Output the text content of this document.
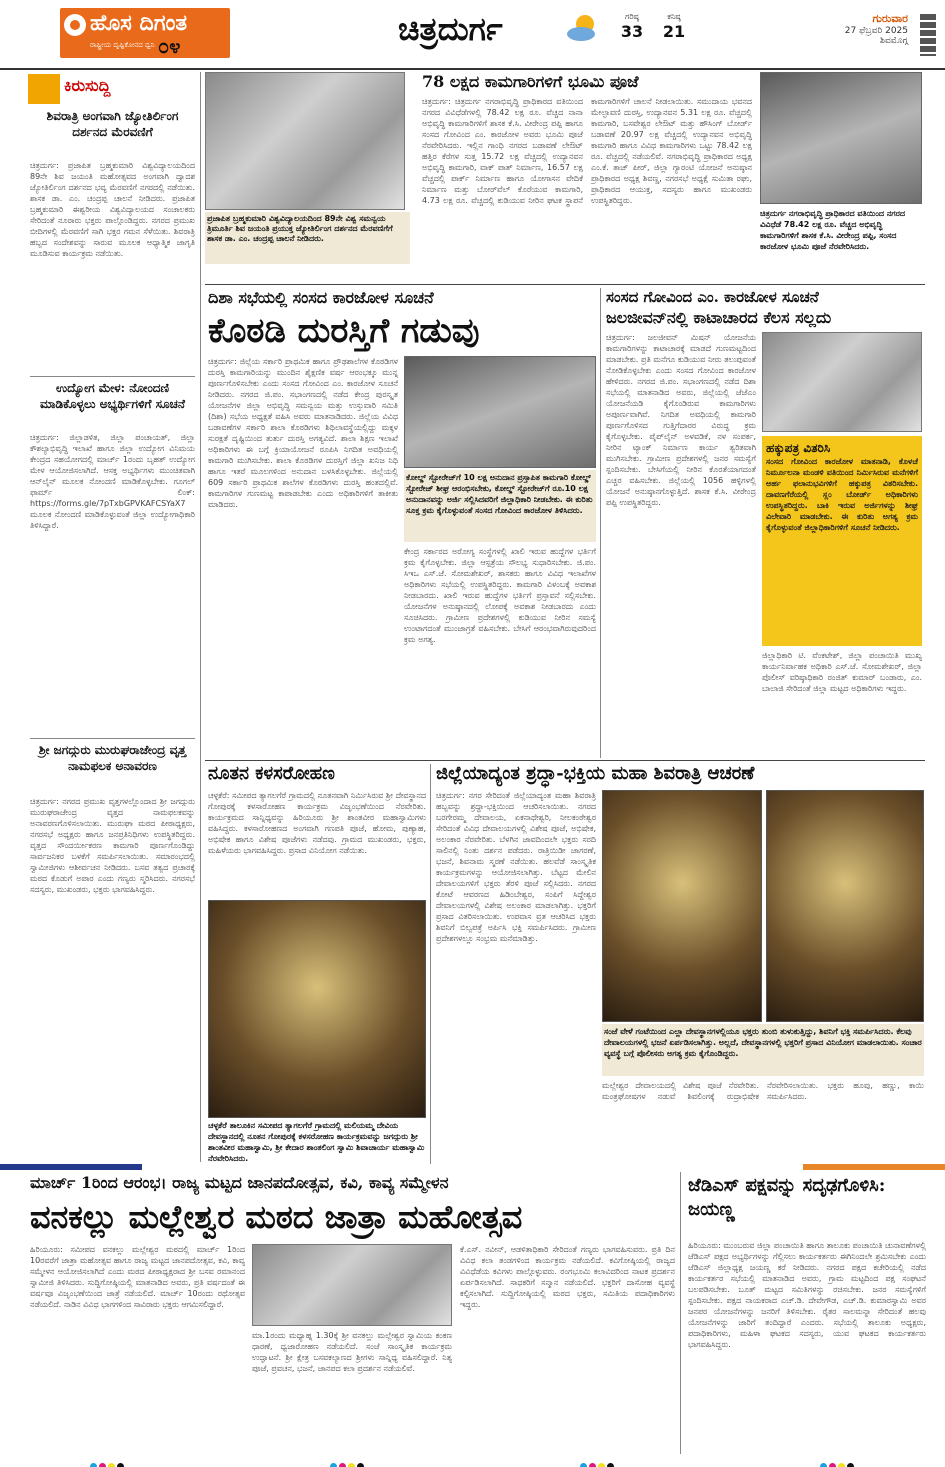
ಹೊಸ ದಿಗಂತ
ರಾಷ್ಟ್ರೀಯ ದೃಷ್ಟಿಕೋನದ ಧ್ವನಿ ೦೪	ಚಿತ್ರದುರ್ಗ	ಗರಿಷ್ಠ
33
ಕನಿಷ್ಠ
21
ಗುರುವಾರ
27 ಫೆಬ್ರವರಿ 2025
ಶಿವಮೊಗ್ಗ
ಕಿರುಸುದ್ದಿ
ಶಿವರಾತ್ರಿ ಅಂಗವಾಗಿ ಜ್ಯೋತಿರ್ಲಿಂಗ ದರ್ಶನದ ಮೆರವಣಿಗೆ
ಚಿತ್ರದುರ್ಗ: ಪ್ರಜಾಪಿತ ಬ್ರಹ್ಮಕುಮಾರಿ ವಿಶ್ವವಿದ್ಯಾಲಯದಿಂದ 89ನೇ ಶಿವ ಜಯಂತಿ ಮಹೋತ್ಸವದ ಅಂಗವಾಗಿ ದ್ವಾದಶ ಜ್ಯೋತಿರ್ಲಿಂಗ ದರ್ಶನದ ಭವ್ಯ ಮೆರವಣಿಗೆ ನಗರದಲ್ಲಿ ನಡೆಯಿತು. ಶಾಸಕ ಡಾ. ಎಂ. ಚಂದ್ರಪ್ಪ ಚಾಲನೆ ನೀಡಿದರು. ಪ್ರಜಾಪಿತ ಬ್ರಹ್ಮಕುಮಾರಿ ಈಶ್ವರೀಯ ವಿಶ್ವವಿದ್ಯಾಲಯದ ಸಂಚಾಲಕರು ಸೇರಿದಂತೆ ನೂರಾರು ಭಕ್ತರು ಪಾಲ್ಗೊಂಡಿದ್ದರು. ನಗರದ ಪ್ರಮುಖ ಬೀದಿಗಳಲ್ಲಿ ಮೆರವಣಿಗೆ ಸಾಗಿ ಭಕ್ತರ ಗಮನ ಸೆಳೆಯಿತು. ಶಿವರಾತ್ರಿ ಹಬ್ಬದ ಸಂದೇಶವನ್ನು ಸಾರುವ ಮೂಲಕ ಆಧ್ಯಾತ್ಮಿಕ ಜಾಗೃತಿ ಮೂಡಿಸುವ ಕಾರ್ಯಕ್ರಮ ನಡೆಯಿತು.
ಉದ್ಯೋಗ ಮೇಳ: ನೋಂದಣಿ ಮಾಡಿಕೊಳ್ಳಲು ಅಭ್ಯರ್ಥಿಗಳಿಗೆ ಸೂಚನೆ
ಚಿತ್ರದುರ್ಗ: ಜಿಲ್ಲಾಡಳಿತ, ಜಿಲ್ಲಾ ಪಂಚಾಯತ್, ಜಿಲ್ಲಾ ಕೌಶಲ್ಯಾಭಿವೃದ್ಧಿ ಇಲಾಖೆ ಹಾಗೂ ಜಿಲ್ಲಾ ಉದ್ಯೋಗ ವಿನಿಮಯ ಕೇಂದ್ರದ ಸಹಯೋಗದಲ್ಲಿ ಮಾರ್ಚ್ 1ರಂದು ಬೃಹತ್ ಉದ್ಯೋಗ ಮೇಳ ಆಯೋಜಿಸಲಾಗಿದೆ. ಆಸಕ್ತ ಅಭ್ಯರ್ಥಿಗಳು ಮುಂಚಿತವಾಗಿ ಆನ್‌ಲೈನ್ ಮೂಲಕ ನೋಂದಣಿ ಮಾಡಿಕೊಳ್ಳಬೇಕು. ಗೂಗಲ್ ಫಾರ್ಮ್ ಲಿಂಕ್: https://forms.gle/7pTxbGPVKAFCSYaX7 ಮೂಲಕ ನೋಂದಣಿ ಮಾಡಿಕೊಳ್ಳುವಂತೆ ಜಿಲ್ಲಾ ಉದ್ಯೋಗಾಧಿಕಾರಿ ತಿಳಿಸಿದ್ದಾರೆ.
ಶ್ರೀ ಜಗದ್ಗುರು ಮುರುಘರಾಜೇಂದ್ರ ವೃತ್ತ ನಾಮಫಲಕ ಅನಾವರಣ
ಚಿತ್ರದುರ್ಗ: ನಗರದ ಪ್ರಮುಖ ವೃತ್ತಗಳಲ್ಲೊಂದಾದ ಶ್ರೀ ಜಗದ್ಗುರು ಮುರುಘರಾಜೇಂದ್ರ ವೃತ್ತದ ನಾಮಫಲಕವನ್ನು ಅನಾವರಣಗೊಳಿಸಲಾಯಿತು. ಮುರುಘಾ ಮಠದ ಪೀಠಾಧ್ಯಕ್ಷರು, ನಗರಸಭೆ ಅಧ್ಯಕ್ಷರು ಹಾಗೂ ಜನಪ್ರತಿನಿಧಿಗಳು ಉಪಸ್ಥಿತರಿದ್ದರು. ವೃತ್ತದ ಸೌಂದರ್ಯೀಕರಣ ಕಾಮಗಾರಿ ಪೂರ್ಣಗೊಂಡಿದ್ದು ಸಾರ್ವಜನಿಕರ ಬಳಕೆಗೆ ಸಮರ್ಪಿಸಲಾಯಿತು. ಸಮಾರಂಭದಲ್ಲಿ ಸ್ವಾಮೀಜಿಗಳು ಆಶೀರ್ವಚನ ನೀಡಿದರು. ಬಸವ ತತ್ವದ ಪ್ರಚಾರಕ್ಕೆ ಮಠದ ಕೊಡುಗೆ ಅಪಾರ ಎಂದು ಗಣ್ಯರು ಸ್ಮರಿಸಿದರು. ನಗರಸಭೆ ಸದಸ್ಯರು, ಮುಖಂಡರು, ಭಕ್ತರು ಭಾಗವಹಿಸಿದ್ದರು.
ಪ್ರಜಾಪಿತ ಬ್ರಹ್ಮಕುಮಾರಿ ವಿಶ್ವವಿದ್ಯಾಲಯದಿಂದ 89ನೇ ವಿಶ್ವ ಸಮನ್ವಯ ತ್ರಿಮೂರ್ತಿ ಶಿವ ಜಯಂತಿ ಪ್ರಯುಕ್ತ ಜ್ಯೋತಿರ್ಲಿಂಗ ದರ್ಶನದ ಮೆರವಣಿಗೆಗೆ ಶಾಸಕ ಡಾ. ಎಂ. ಚಂದ್ರಪ್ಪ ಚಾಲನೆ ನೀಡಿದರು.
78 ಲಕ್ಷದ ಕಾಮಗಾರಿಗಳಿಗೆ ಭೂಮಿ ಪೂಜೆ
ಚಿತ್ರದುರ್ಗ: ಚಿತ್ರದುರ್ಗ ನಗರಾಭಿವೃದ್ಧಿ ಪ್ರಾಧಿಕಾರದ ವತಿಯಿಂದ ನಗರದ ವಿವಿಧೆಡೆಗಳಲ್ಲಿ 78.42 ಲಕ್ಷ ರೂ. ವೆಚ್ಚದ ನಾನಾ ಅಭಿವೃದ್ಧಿ ಕಾಮಗಾರಿಗಳಿಗೆ ಶಾಸಕ ಕೆ.ಸಿ. ವೀರೇಂದ್ರ ಪಪ್ಪಿ ಹಾಗೂ ಸಂಸದ ಗೋವಿಂದ ಎಂ. ಕಾರಜೋಳ ಅವರು ಭೂಮಿ ಪೂಜೆ ನೆರವೇರಿಸಿದರು. ಇಲ್ಲಿನ ಗಾಂಧಿ ನಗರದ ಬಡಾವಣೆ ಲೇಔಟ್ ಹತ್ತಿರ ಕೆರೆಗಳ ಸುತ್ತ 15.72 ಲಕ್ಷ ವೆಚ್ಚದಲ್ಲಿ ಉದ್ಯಾನವನ ಅಭಿವೃದ್ಧಿ ಕಾಮಗಾರಿ, ವಾಕ್ ಪಾತ್ ನಿರ್ಮಾಣ, 16.57 ಲಕ್ಷ ವೆಚ್ಚದಲ್ಲಿ ಪಾರ್ಕ್ ನಿರ್ಮಾಣ ಹಾಗೂ ಯೋಗಾಸನ ವೇದಿಕೆ ನಿರ್ಮಾಣ ಮತ್ತು ಬೋರ್‌ವೆಲ್ ಕೊರೆಯುವ ಕಾಮಗಾರಿ, 4.73 ಲಕ್ಷ ರೂ. ವೆಚ್ಚದಲ್ಲಿ ಕುಡಿಯುವ ನೀರಿನ ಘಟಕ ಸ್ಥಾಪನೆ ಕಾಮಗಾರಿಗಳಿಗೆ ಚಾಲನೆ ನೀಡಲಾಯಿತು. ಸಮುದಾಯ ಭವನದ ಮೇಲ್ಛಾವಣಿ ದುರಸ್ತಿ, ಉದ್ಯಾನವನ 5.31 ಲಕ್ಷ ರೂ. ವೆಚ್ಚದಲ್ಲಿ ಕಾಮಗಾರಿ, ಬಸವೇಶ್ವರ ಲೇಔಟ್ ಮತ್ತು ಹೌಸಿಂಗ್ ಬೋರ್ಡ್ ಬಡಾವಣೆ 20.97 ಲಕ್ಷ ವೆಚ್ಚದಲ್ಲಿ ಉದ್ಯಾನವನ ಅಭಿವೃದ್ಧಿ ಕಾಮಗಾರಿ ಹಾಗೂ ವಿವಿಧ ಕಾಮಗಾರಿಗಳು ಒಟ್ಟು 78.42 ಲಕ್ಷ ರೂ. ವೆಚ್ಚದಲ್ಲಿ ನಡೆಯಲಿವೆ. ನಗರಾಭಿವೃದ್ಧಿ ಪ್ರಾಧಿಕಾರದ ಅಧ್ಯಕ್ಷ ಎಂ.ಕೆ. ತಾಜ್ ಪೀರ್, ಜಿಲ್ಲಾ ಗ್ಯಾರಂಟಿ ಯೋಜನೆ ಅನುಷ್ಠಾನ ಪ್ರಾಧಿಕಾರದ ಅಧ್ಯಕ್ಷ ಶಿವಣ್ಣ, ನಗರಸಭೆ ಅಧ್ಯಕ್ಷೆ ಸುಮಿತಾ ರಘು, ಪ್ರಾಧಿಕಾರದ ಆಯುಕ್ತ, ಸದಸ್ಯರು ಹಾಗೂ ಮುಖಂಡರು ಉಪಸ್ಥಿತರಿದ್ದರು.
ಚಿತ್ರದುರ್ಗ ನಗರಾಭಿವೃದ್ಧಿ ಪ್ರಾಧಿಕಾರದ ವತಿಯಿಂದ ನಗರದ ವಿವಿಧೆಡೆ 78.42 ಲಕ್ಷ ರೂ. ವೆಚ್ಚದ ಅಭಿವೃದ್ಧಿ ಕಾಮಗಾರಿಗಳಿಗೆ ಶಾಸಕ ಕೆ.ಸಿ. ವೀರೇಂದ್ರ ಪಪ್ಪಿ, ಸಂಸದ ಕಾರಜೋಳ ಭೂಮಿ ಪೂಜೆ ನೆರವೇರಿಸಿದರು.
ದಿಶಾ ಸಭೆಯಲ್ಲಿ ಸಂಸದ ಕಾರಜೋಳ ಸೂಚನೆ
ಕೊಠಡಿ ದುರಸ್ತಿಗೆ ಗಡುವು
ಚಿತ್ರದುರ್ಗ: ಜಿಲ್ಲೆಯ ಸರ್ಕಾರಿ ಪ್ರಾಥಮಿಕ ಹಾಗೂ ಪ್ರೌಢಶಾಲೆಗಳ ಕೊಠಡಿಗಳ ದುರಸ್ತಿ ಕಾಮಗಾರಿಯನ್ನು ಮುಂದಿನ ಶೈಕ್ಷಣಿಕ ವರ್ಷ ಆರಂಭಕ್ಕೂ ಮುನ್ನ ಪೂರ್ಣಗೊಳಿಸಬೇಕು ಎಂದು ಸಂಸದ ಗೋವಿಂದ ಎಂ. ಕಾರಜೋಳ ಸೂಚನೆ ನೀಡಿದರು. ನಗರದ ಜಿ.ಪಂ. ಸಭಾಂಗಣದಲ್ಲಿ ನಡೆದ ಕೇಂದ್ರ ಪುರಸ್ಕೃತ ಯೋಜನೆಗಳ ಜಿಲ್ಲಾ ಅಭಿವೃದ್ಧಿ ಸಮನ್ವಯ ಮತ್ತು ಉಸ್ತುವಾರಿ ಸಮಿತಿ (ದಿಶಾ) ಸಭೆಯ ಅಧ್ಯಕ್ಷತೆ ವಹಿಸಿ ಅವರು ಮಾತನಾಡಿದರು. ಜಿಲ್ಲೆಯ ವಿವಿಧ ಬಡಾವಣೆಗಳ ಸರ್ಕಾರಿ ಶಾಲಾ ಕೊಠಡಿಗಳು ಶಿಥಿಲಾವಸ್ಥೆಯಲ್ಲಿದ್ದು ಮಕ್ಕಳ ಸುರಕ್ಷತೆ ದೃಷ್ಟಿಯಿಂದ ತುರ್ತು ದುರಸ್ತಿ ಅಗತ್ಯವಿದೆ. ಶಾಲಾ ಶಿಕ್ಷಣ ಇಲಾಖೆ ಅಧಿಕಾರಿಗಳು ಈ ಬಗ್ಗೆ ಕ್ರಿಯಾಯೋಜನೆ ರೂಪಿಸಿ ನಿಗದಿತ ಅವಧಿಯಲ್ಲಿ ಕಾಮಗಾರಿ ಮುಗಿಸಬೇಕು. ಶಾಲಾ ಕೊಠಡಿಗಳ ದುರಸ್ತಿಗೆ ಜಿಲ್ಲಾ ಖನಿಜ ನಿಧಿ ಹಾಗೂ ಇತರೆ ಮೂಲಗಳಿಂದ ಅನುದಾನ ಬಳಸಿಕೊಳ್ಳಬೇಕು. ಜಿಲ್ಲೆಯಲ್ಲಿ 609 ಸರ್ಕಾರಿ ಪ್ರಾಥಮಿಕ ಶಾಲೆಗಳ ಕೊಠಡಿಗಳು ದುರಸ್ತಿ ಹಂತದಲ್ಲಿವೆ. ಕಾಮಗಾರಿಗಳ ಗುಣಮಟ್ಟ ಕಾಪಾಡಬೇಕು ಎಂದು ಅಧಿಕಾರಿಗಳಿಗೆ ತಾಕೀತು ಮಾಡಿದರು.
ಕೋಲ್ಡ್ ಸ್ಟೋರೇಜ್‌ಗೆ 10 ಲಕ್ಷ ಅನುದಾನ ಪ್ರಸ್ತಾಪಿತ ಕಾಮಗಾರಿ ಕೋಲ್ಡ್ ಸ್ಟೋರೇಜ್ ಶೀಘ್ರ ಆರಂಭಿಸಬೇಕು, ಕೋಲ್ಡ್ ಸ್ಟೋರೇಜ್‌ಗೆ ರೂ.10 ಲಕ್ಷ ಅನುದಾನವನ್ನು ಅರ್ಜಿ ಸಲ್ಲಿಸಿದವರಿಗೆ ಜಿಲ್ಲಾಧಿಕಾರಿ ನೀಡಬೇಕು. ಈ ಕುರಿತು ಸೂಕ್ತ ಕ್ರಮ ಕೈಗೊಳ್ಳುವಂತೆ ಸಂಸದ ಗೋವಿಂದ ಕಾರಜೋಳ ತಿಳಿಸಿದರು.
ಕೇಂದ್ರ ಸರ್ಕಾರದ ಅರೋಗ್ಯ ಸಂಸ್ಥೆಗಳಲ್ಲಿ ಖಾಲಿ ಇರುವ ಹುದ್ದೆಗಳ ಭರ್ತಿಗೆ ಕ್ರಮ ಕೈಗೊಳ್ಳಬೇಕು. ಜಿಲ್ಲಾ ಆಸ್ಪತ್ರೆಯ ಸೌಲಭ್ಯ ಸುಧಾರಿಸಬೇಕು. ಜಿ.ಪಂ. ಸಿಇಒ ಎಸ್.ಜೆ. ಸೋಮಶೇಖರ್, ಶಾಸಕರು ಹಾಗೂ ವಿವಿಧ ಇಲಾಖೆಗಳ ಅಧಿಕಾರಿಗಳು ಸಭೆಯಲ್ಲಿ ಉಪಸ್ಥಿತರಿದ್ದರು. ಕಾಮಗಾರಿ ವಿಳಂಬಕ್ಕೆ ಅವಕಾಶ ನೀಡಬಾರದು. ಖಾಲಿ ಇರುವ ಹುದ್ದೆಗಳ ಭರ್ತಿಗೆ ಪ್ರಸ್ತಾವನೆ ಸಲ್ಲಿಸಬೇಕು. ಯೋಜನೆಗಳ ಅನುಷ್ಠಾನದಲ್ಲಿ ಲೋಪಕ್ಕೆ ಅವಕಾಶ ನೀಡಬಾರದು ಎಂದು ಸೂಚಿಸಿದರು. ಗ್ರಾಮೀಣ ಪ್ರದೇಶಗಳಲ್ಲಿ ಕುಡಿಯುವ ನೀರಿನ ಸಮಸ್ಯೆ ಉಂಟಾಗದಂತೆ ಮುಂಜಾಗ್ರತೆ ವಹಿಸಬೇಕು. ಬೇಸಿಗೆ ಆರಂಭವಾಗಿರುವುದರಿಂದ ಕ್ರಮ ಅಗತ್ಯ.
ಸಂಸದ ಗೋವಿಂದ ಎಂ. ಕಾರಜೋಳ ಸೂಚನೆ
ಜಲಜೀವನ್‌ನಲ್ಲಿ ಕಾಟಾಚಾರದ ಕೆಲಸ ಸಲ್ಲದು
ಚಿತ್ರದುರ್ಗ: ಜಲಜೀವನ್ ಮಿಷನ್ ಯೋಜನೆಯ ಕಾಮಗಾರಿಗಳನ್ನು ಕಾಟಾಚಾರಕ್ಕೆ ಮಾಡದೆ ಗುಣಮಟ್ಟದಿಂದ ಮಾಡಬೇಕು. ಪ್ರತಿ ಮನೆಗೂ ಕುಡಿಯುವ ನೀರು ತಲುಪುವಂತೆ ನೋಡಿಕೊಳ್ಳಬೇಕು ಎಂದು ಸಂಸದ ಗೋವಿಂದ ಕಾರಜೋಳ ಹೇಳಿದರು. ನಗರದ ಜಿ.ಪಂ. ಸಭಾಂಗಣದಲ್ಲಿ ನಡೆದ ದಿಶಾ ಸಭೆಯಲ್ಲಿ ಮಾತನಾಡಿದ ಅವರು, ಜಿಲ್ಲೆಯಲ್ಲಿ ಜೆಜೆಎಂ ಯೋಜನೆಯಡಿ ಕೈಗೊಂಡಿರುವ ಕಾಮಗಾರಿಗಳು ಅಪೂರ್ಣವಾಗಿವೆ. ನಿಗದಿತ ಅವಧಿಯಲ್ಲಿ ಕಾಮಗಾರಿ ಪೂರ್ಣಗೊಳಿಸದ ಗುತ್ತಿಗೆದಾರರ ವಿರುದ್ಧ ಕ್ರಮ ಕೈಗೊಳ್ಳಬೇಕು. ಪೈಪ್‌ಲೈನ್ ಅಳವಡಿಕೆ, ನಳ ಸಂಪರ್ಕ, ನೀರಿನ ಟ್ಯಾಂಕ್ ನಿರ್ಮಾಣ ಕಾರ್ಯ ತ್ವರಿತವಾಗಿ ಮುಗಿಸಬೇಕು. ಗ್ರಾಮೀಣ ಪ್ರದೇಶಗಳಲ್ಲಿ ಜನರ ಸಮಸ್ಯೆಗೆ ಸ್ಪಂದಿಸಬೇಕು. ಬೇಸಿಗೆಯಲ್ಲಿ ನೀರಿನ ಕೊರತೆಯಾಗದಂತೆ ಎಚ್ಚರ ವಹಿಸಬೇಕು. ಜಿಲ್ಲೆಯಲ್ಲಿ 1056 ಹಳ್ಳಿಗಳಲ್ಲಿ ಯೋಜನೆ ಅನುಷ್ಠಾನಗೊಳ್ಳುತ್ತಿದೆ. ಶಾಸಕ ಕೆ.ಸಿ. ವೀರೇಂದ್ರ ಪಪ್ಪಿ ಉಪಸ್ಥಿತರಿದ್ದರು.
ಹಕ್ಕುಪತ್ರ ವಿತರಿಸಿ
ಸಂಸದ ಗೋವಿಂದ ಕಾರಜೋಳ ಮಾತನಾಡಿ, ಕೊಳಚೆ ನಿರ್ಮೂಲನಾ ಮಂಡಳಿ ವತಿಯಿಂದ ನಿರ್ಮಿಸಿರುವ ಮನೆಗಳಿಗೆ ಅರ್ಹ ಫಲಾನುಭವಿಗಳಿಗೆ ಹಕ್ಕುಪತ್ರ ವಿತರಿಸಬೇಕು. ದಾವಣಗೆರೆಯಲ್ಲಿ ಸ್ಲಂ ಬೋರ್ಡ್ ಅಧಿಕಾರಿಗಳು ಉಪಸ್ಥಿತರಿದ್ದರು. ಬಾಕಿ ಇರುವ ಅರ್ಜಿಗಳನ್ನು ಶೀಘ್ರ ವಿಲೇವಾರಿ ಮಾಡಬೇಕು. ಈ ಕುರಿತು ಅಗತ್ಯ ಕ್ರಮ ಕೈಗೊಳ್ಳುವಂತೆ ಜಿಲ್ಲಾಧಿಕಾರಿಗಳಿಗೆ ಸೂಚನೆ ನೀಡಿದರು.
ಜಿಲ್ಲಾಧಿಕಾರಿ ಟಿ. ವೆಂಕಟೇಶ್, ಜಿಲ್ಲಾ ಪಂಚಾಯಿತಿ ಮುಖ್ಯ ಕಾರ್ಯನಿರ್ವಾಹಕ ಅಧಿಕಾರಿ ಎಸ್.ಜೆ. ಸೋಮಶೇಖರ್, ಜಿಲ್ಲಾ ಪೊಲೀಸ್ ವರಿಷ್ಠಾಧಿಕಾರಿ ರಂಜಿತ್ ಕುಮಾರ್ ಬಂಡಾರು, ಎಂ. ಬಾಲಾಜಿ ಸೇರಿದಂತೆ ಜಿಲ್ಲಾ ಮಟ್ಟದ ಅಧಿಕಾರಿಗಳು ಇದ್ದರು.
ನೂತನ ಕಳಸರೋಹಣ
ಚಳ್ಳಕೆರೆ: ಸಮೀಪದ ತ್ಯಾಗಲಗೆರೆ ಗ್ರಾಮದಲ್ಲಿ ನೂತನವಾಗಿ ನಿರ್ಮಿಸಿರುವ ಶ್ರೀ ದೇವಸ್ಥಾನದ ಗೋಪುರಕ್ಕೆ ಕಳಸಾರೋಹಣ ಕಾರ್ಯಕ್ರಮ ವಿಜೃಂಭಣೆಯಿಂದ ನೆರವೇರಿತು. ಕಾರ್ಯಕ್ರಮದ ಸಾನ್ನಿಧ್ಯವನ್ನು ಹಿರಿಯೂರು ಶ್ರೀ ಶಾಂತವೀರ ಮಹಾಸ್ವಾಮಿಗಳು ವಹಿಸಿದ್ದರು. ಕಳಸಾರೋಹಣದ ಅಂಗವಾಗಿ ಗಣಪತಿ ಪೂಜೆ, ಹೋಮ, ಪುಣ್ಯಾಹ, ಅಭಿಷೇಕ ಹಾಗೂ ವಿಶೇಷ ಪೂಜೆಗಳು ನಡೆದವು. ಗ್ರಾಮದ ಮುಖಂಡರು, ಭಕ್ತರು, ಮಹಿಳೆಯರು ಭಾಗವಹಿಸಿದ್ದರು. ಪ್ರಸಾದ ವಿನಿಯೋಗ ನಡೆಯಿತು.
ಚಳ್ಳಕೆರೆ ತಾಲೂಕಿನ ಸಮೀಪದ ತ್ಯಾಗಲಗೆರೆ ಗ್ರಾಮದಲ್ಲಿ ಮಲಿಯಮ್ಮ ದೇವಿಯ ದೇವಸ್ಥಾನದಲ್ಲಿ ನೂತನ ಗೋಪುರಕ್ಕೆ ಕಳಸರೋಹಣ ಕಾರ್ಯಕ್ರಮವನ್ನು ಜಗದ್ಗುರು ಶ್ರೀ ಶಾಂತವೀರ ಮಹಾಸ್ವಾಮಿ, ಶ್ರೀ ಕೇದಾರ ಶಾಂತಲಿಂಗ ಸ್ವಾಮಿ ಶಿವಾಚಾರ್ಯ ಮಹಾಸ್ವಾಮಿ ನೆರವೇರಿಸಿದರು.
ಜಿಲ್ಲೆಯಾದ್ಯಂತ ಶ್ರದ್ಧಾ-ಭಕ್ತಿಯ ಮಹಾ ಶಿವರಾತ್ರಿ ಆಚರಣೆ
ಚಿತ್ರದುರ್ಗ: ನಗರ ಸೇರಿದಂತೆ ಜಿಲ್ಲೆಯಾದ್ಯಂತ ಮಹಾ ಶಿವರಾತ್ರಿ ಹಬ್ಬವನ್ನು ಶ್ರದ್ಧಾ-ಭಕ್ತಿಯಿಂದ ಆಚರಿಸಲಾಯಿತು. ನಗರದ ಬರಗೇರಮ್ಮ ದೇವಾಲಯ, ಏಕನಾಥೇಶ್ವರಿ, ನೀಲಕಂಠೇಶ್ವರ ಸೇರಿದಂತೆ ವಿವಿಧ ದೇವಾಲಯಗಳಲ್ಲಿ ವಿಶೇಷ ಪೂಜೆ, ಅಭಿಷೇಕ, ಅಲಂಕಾರ ನೆರವೇರಿತು. ಬೆಳಗಿನ ಜಾವದಿಂದಲೇ ಭಕ್ತರು ಸರದಿ ಸಾಲಿನಲ್ಲಿ ನಿಂತು ದರ್ಶನ ಪಡೆದರು. ರಾತ್ರಿಯಿಡೀ ಜಾಗರಣೆ, ಭಜನೆ, ಶಿವನಾಮ ಸ್ಮರಣೆ ನಡೆಯಿತು. ಹಲವೆಡೆ ಸಾಂಸ್ಕೃತಿಕ ಕಾರ್ಯಕ್ರಮಗಳನ್ನು ಆಯೋಜಿಸಲಾಗಿತ್ತು. ಬೆಟ್ಟದ ಮೇಲಿನ ದೇವಾಲಯಗಳಿಗೆ ಭಕ್ತರು ತೆರಳಿ ಪೂಜೆ ಸಲ್ಲಿಸಿದರು. ನಗರದ ಕೋಟೆ ಆವರಣದ ಹಿಡಿಂಬೇಶ್ವರ, ಸಂಪಿಗೆ ಸಿದ್ದೇಶ್ವರ ದೇವಾಲಯಗಳಲ್ಲಿ ವಿಶೇಷ ಅಲಂಕಾರ ಮಾಡಲಾಗಿತ್ತು. ಭಕ್ತರಿಗೆ ಪ್ರಸಾದ ವಿತರಿಸಲಾಯಿತು. ಉಪವಾಸ ವ್ರತ ಆಚರಿಸಿದ ಭಕ್ತರು ಶಿವನಿಗೆ ಬಿಲ್ವಪತ್ರೆ ಅರ್ಪಿಸಿ ಭಕ್ತಿ ಸಮರ್ಪಿಸಿದರು. ಗ್ರಾಮೀಣ ಪ್ರದೇಶಗಳಲ್ಲೂ ಸಂಭ್ರಮ ಮನೆಮಾಡಿತ್ತು.
ಸಂಜೆ ವೇಳೆ ಗಂಟೆಯಿಂದ ಎಲ್ಲಾ ದೇವಸ್ಥಾನಗಳಲ್ಲಿಯೂ ಭಕ್ತರು ತುಂಬಿ ತುಳುಕುತ್ತಿದ್ದು, ಶಿವನಿಗೆ ಭಕ್ತಿ ಸಮರ್ಪಿಸಿದರು. ಕೆಲವು ದೇವಾಲಯಗಳಲ್ಲಿ ಭಜನೆ ಏರ್ಪಡಿಸಲಾಗಿತ್ತು. ಅಲ್ಲದೆ, ದೇವಸ್ಥಾನಗಳಲ್ಲಿ ಭಕ್ತರಿಗೆ ಪ್ರಸಾದ ವಿನಿಯೋಗ ಮಾಡಲಾಯಿತು. ಸಂಚಾರ ವ್ಯವಸ್ಥೆ ಬಗ್ಗೆ ಪೊಲೀಸರು ಅಗತ್ಯ ಕ್ರಮ ಕೈಗೊಂಡಿದ್ದರು.
ಮಲ್ಲೇಶ್ವರ ದೇವಾಲಯದಲ್ಲಿ ವಿಶೇಷ ಪೂಜೆ ನೆರವೇರಿತು. ಮಂತ್ರಘೋಷಗಳ ನಡುವೆ ಶಿವಲಿಂಗಕ್ಕೆ ರುದ್ರಾಭಿಷೇಕ ನೆರವೇರಿಸಲಾಯಿತು. ಭಕ್ತರು ಹೂವು, ಹಣ್ಣು, ಕಾಯಿ ಸಮರ್ಪಿಸಿದರು.
ಮಾರ್ಚ್ 1ರಿಂದ ಆರಂಭ। ರಾಜ್ಯ ಮಟ್ಟದ ಜಾನಪದೋತ್ಸವ, ಕವಿ, ಕಾವ್ಯ ಸಮ್ಮೇಳನ
ವನಕಲ್ಲು ಮಲ್ಲೇಶ್ವರ ಮಠದ ಜಾತ್ರಾ ಮಹೋತ್ಸವ
ಹಿರಿಯೂರು: ಸಮೀಪದ ವನಕಲ್ಲು ಮಲ್ಲೇಶ್ವರ ಮಠದಲ್ಲಿ ಮಾರ್ಚ್ 1ರಿಂದ 10ರವರೆಗೆ ಜಾತ್ರಾ ಮಹೋತ್ಸವ ಹಾಗೂ ರಾಜ್ಯ ಮಟ್ಟದ ಜಾನಪದೋತ್ಸವ, ಕವಿ, ಕಾವ್ಯ ಸಮ್ಮೇಳನ ಆಯೋಜಿಸಲಾಗಿದೆ ಎಂದು ಮಠದ ಪೀಠಾಧ್ಯಕ್ಷರಾದ ಶ್ರೀ ಬಸವ ರಮಾನಂದ ಸ್ವಾಮೀಜಿ ತಿಳಿಸಿದರು. ಸುದ್ದಿಗೋಷ್ಠಿಯಲ್ಲಿ ಮಾತನಾಡಿದ ಅವರು, ಪ್ರತಿ ವರ್ಷದಂತೆ ಈ ವರ್ಷವೂ ವಿಜೃಂಭಣೆಯಿಂದ ಜಾತ್ರೆ ನಡೆಯಲಿದೆ. ಮಾರ್ಚ್ 10ರಂದು ರಥೋತ್ಸವ ನಡೆಯಲಿದೆ. ನಾಡಿನ ವಿವಿಧ ಭಾಗಗಳಿಂದ ಸಾವಿರಾರು ಭಕ್ತರು ಆಗಮಿಸಲಿದ್ದಾರೆ.
ಮಾ.1ರಂದು ಮಧ್ಯಾಹ್ನ 1.30ಕ್ಕೆ ಶ್ರೀ ವನಕಲ್ಲು ಮಲ್ಲೇಶ್ವರ ಸ್ವಾಮಿಯ ಕಂಕಣ ಧಾರಣೆ, ಧ್ವಜಾರೋಹಣ ನಡೆಯಲಿದೆ. ಸಂಜೆ ಸಾಂಸ್ಕೃತಿಕ ಕಾರ್ಯಕ್ರಮ ಉದ್ಘಾಟನೆ. ಶ್ರೀ ಕ್ಷೇತ್ರ ಬಸವಕಲ್ಯಾಣದ ಶ್ರೀಗಳು ಸಾನ್ನಿಧ್ಯ ವಹಿಸಲಿದ್ದಾರೆ. ನಿತ್ಯ ಪೂಜೆ, ಪ್ರವಚನ, ಭಜನೆ, ಜಾನಪದ ಕಲಾ ಪ್ರದರ್ಶನ ನಡೆಯಲಿವೆ.
ಕೆ.ಎಸ್. ನವೀನ್, ಆಡಳಿತಾಧಿಕಾರಿ ಸೇರಿದಂತೆ ಗಣ್ಯರು ಭಾಗವಹಿಸುವರು. ಪ್ರತಿ ದಿನ ವಿವಿಧ ಕಲಾ ತಂಡಗಳಿಂದ ಕಾರ್ಯಕ್ರಮ ನಡೆಯಲಿದೆ. ಕವಿಗೋಷ್ಠಿಯಲ್ಲಿ ರಾಜ್ಯದ ವಿವಿಧೆಡೆಯ ಕವಿಗಳು ಪಾಲ್ಗೊಳ್ಳುವರು. ರಂಗಭೂಮಿ ಕಲಾವಿದರಿಂದ ನಾಟಕ ಪ್ರದರ್ಶನ ಏರ್ಪಡಿಸಲಾಗಿದೆ. ಸಾಧಕರಿಗೆ ಸನ್ಮಾನ ನಡೆಯಲಿದೆ. ಭಕ್ತರಿಗೆ ದಾಸೋಹ ವ್ಯವಸ್ಥೆ ಕಲ್ಪಿಸಲಾಗಿದೆ. ಸುದ್ದಿಗೋಷ್ಠಿಯಲ್ಲಿ ಮಠದ ಭಕ್ತರು, ಸಮಿತಿಯ ಪದಾಧಿಕಾರಿಗಳು ಇದ್ದರು.
ಜೆಡಿಎಸ್ ಪಕ್ಷವನ್ನು ಸದೃಢಗೊಳಿಸಿ: ಜಯಣ್ಣ
ಹಿರಿಯೂರು: ಮುಂಬರುವ ಜಿಲ್ಲಾ ಪಂಚಾಯಿತಿ ಹಾಗೂ ತಾಲೂಕು ಪಂಚಾಯಿತಿ ಚುನಾವಣೆಗಳಲ್ಲಿ ಜೆಡಿಎಸ್ ಪಕ್ಷದ ಅಭ್ಯರ್ಥಿಗಳನ್ನು ಗೆಲ್ಲಿಸಲು ಕಾರ್ಯಕರ್ತರು ಈಗಿನಿಂದಲೇ ಶ್ರಮಿಸಬೇಕು ಎಂದು ಜೆಡಿಎಸ್ ಜಿಲ್ಲಾಧ್ಯಕ್ಷ ಜಯಣ್ಣ ಕರೆ ನೀಡಿದರು. ನಗರದ ಪಕ್ಷದ ಕಚೇರಿಯಲ್ಲಿ ನಡೆದ ಕಾರ್ಯಕರ್ತರ ಸಭೆಯಲ್ಲಿ ಮಾತನಾಡಿದ ಅವರು, ಗ್ರಾಮ ಮಟ್ಟದಿಂದ ಪಕ್ಷ ಸಂಘಟನೆ ಬಲಪಡಿಸಬೇಕು. ಬೂತ್ ಮಟ್ಟದ ಸಮಿತಿಗಳನ್ನು ರಚಿಸಬೇಕು. ಜನರ ಸಮಸ್ಯೆಗಳಿಗೆ ಸ್ಪಂದಿಸಬೇಕು. ಪಕ್ಷದ ನಾಯಕರಾದ ಎಚ್.ಡಿ. ದೇವೇಗೌಡ, ಎಚ್.ಡಿ. ಕುಮಾರಸ್ವಾಮಿ ಅವರ ಜನಪರ ಯೋಜನೆಗಳನ್ನು ಜನರಿಗೆ ತಿಳಿಸಬೇಕು. ರೈತರ ಸಾಲಮನ್ನಾ ಸೇರಿದಂತೆ ಹಲವು ಯೋಜನೆಗಳನ್ನು ಜಾರಿಗೆ ತಂದಿದ್ದಾರೆ ಎಂದರು. ಸಭೆಯಲ್ಲಿ ತಾಲೂಕು ಅಧ್ಯಕ್ಷರು, ಪದಾಧಿಕಾರಿಗಳು, ಮಹಿಳಾ ಘಟಕದ ಸದಸ್ಯರು, ಯುವ ಘಟಕದ ಕಾರ್ಯಕರ್ತರು ಭಾಗವಹಿಸಿದ್ದರು.
